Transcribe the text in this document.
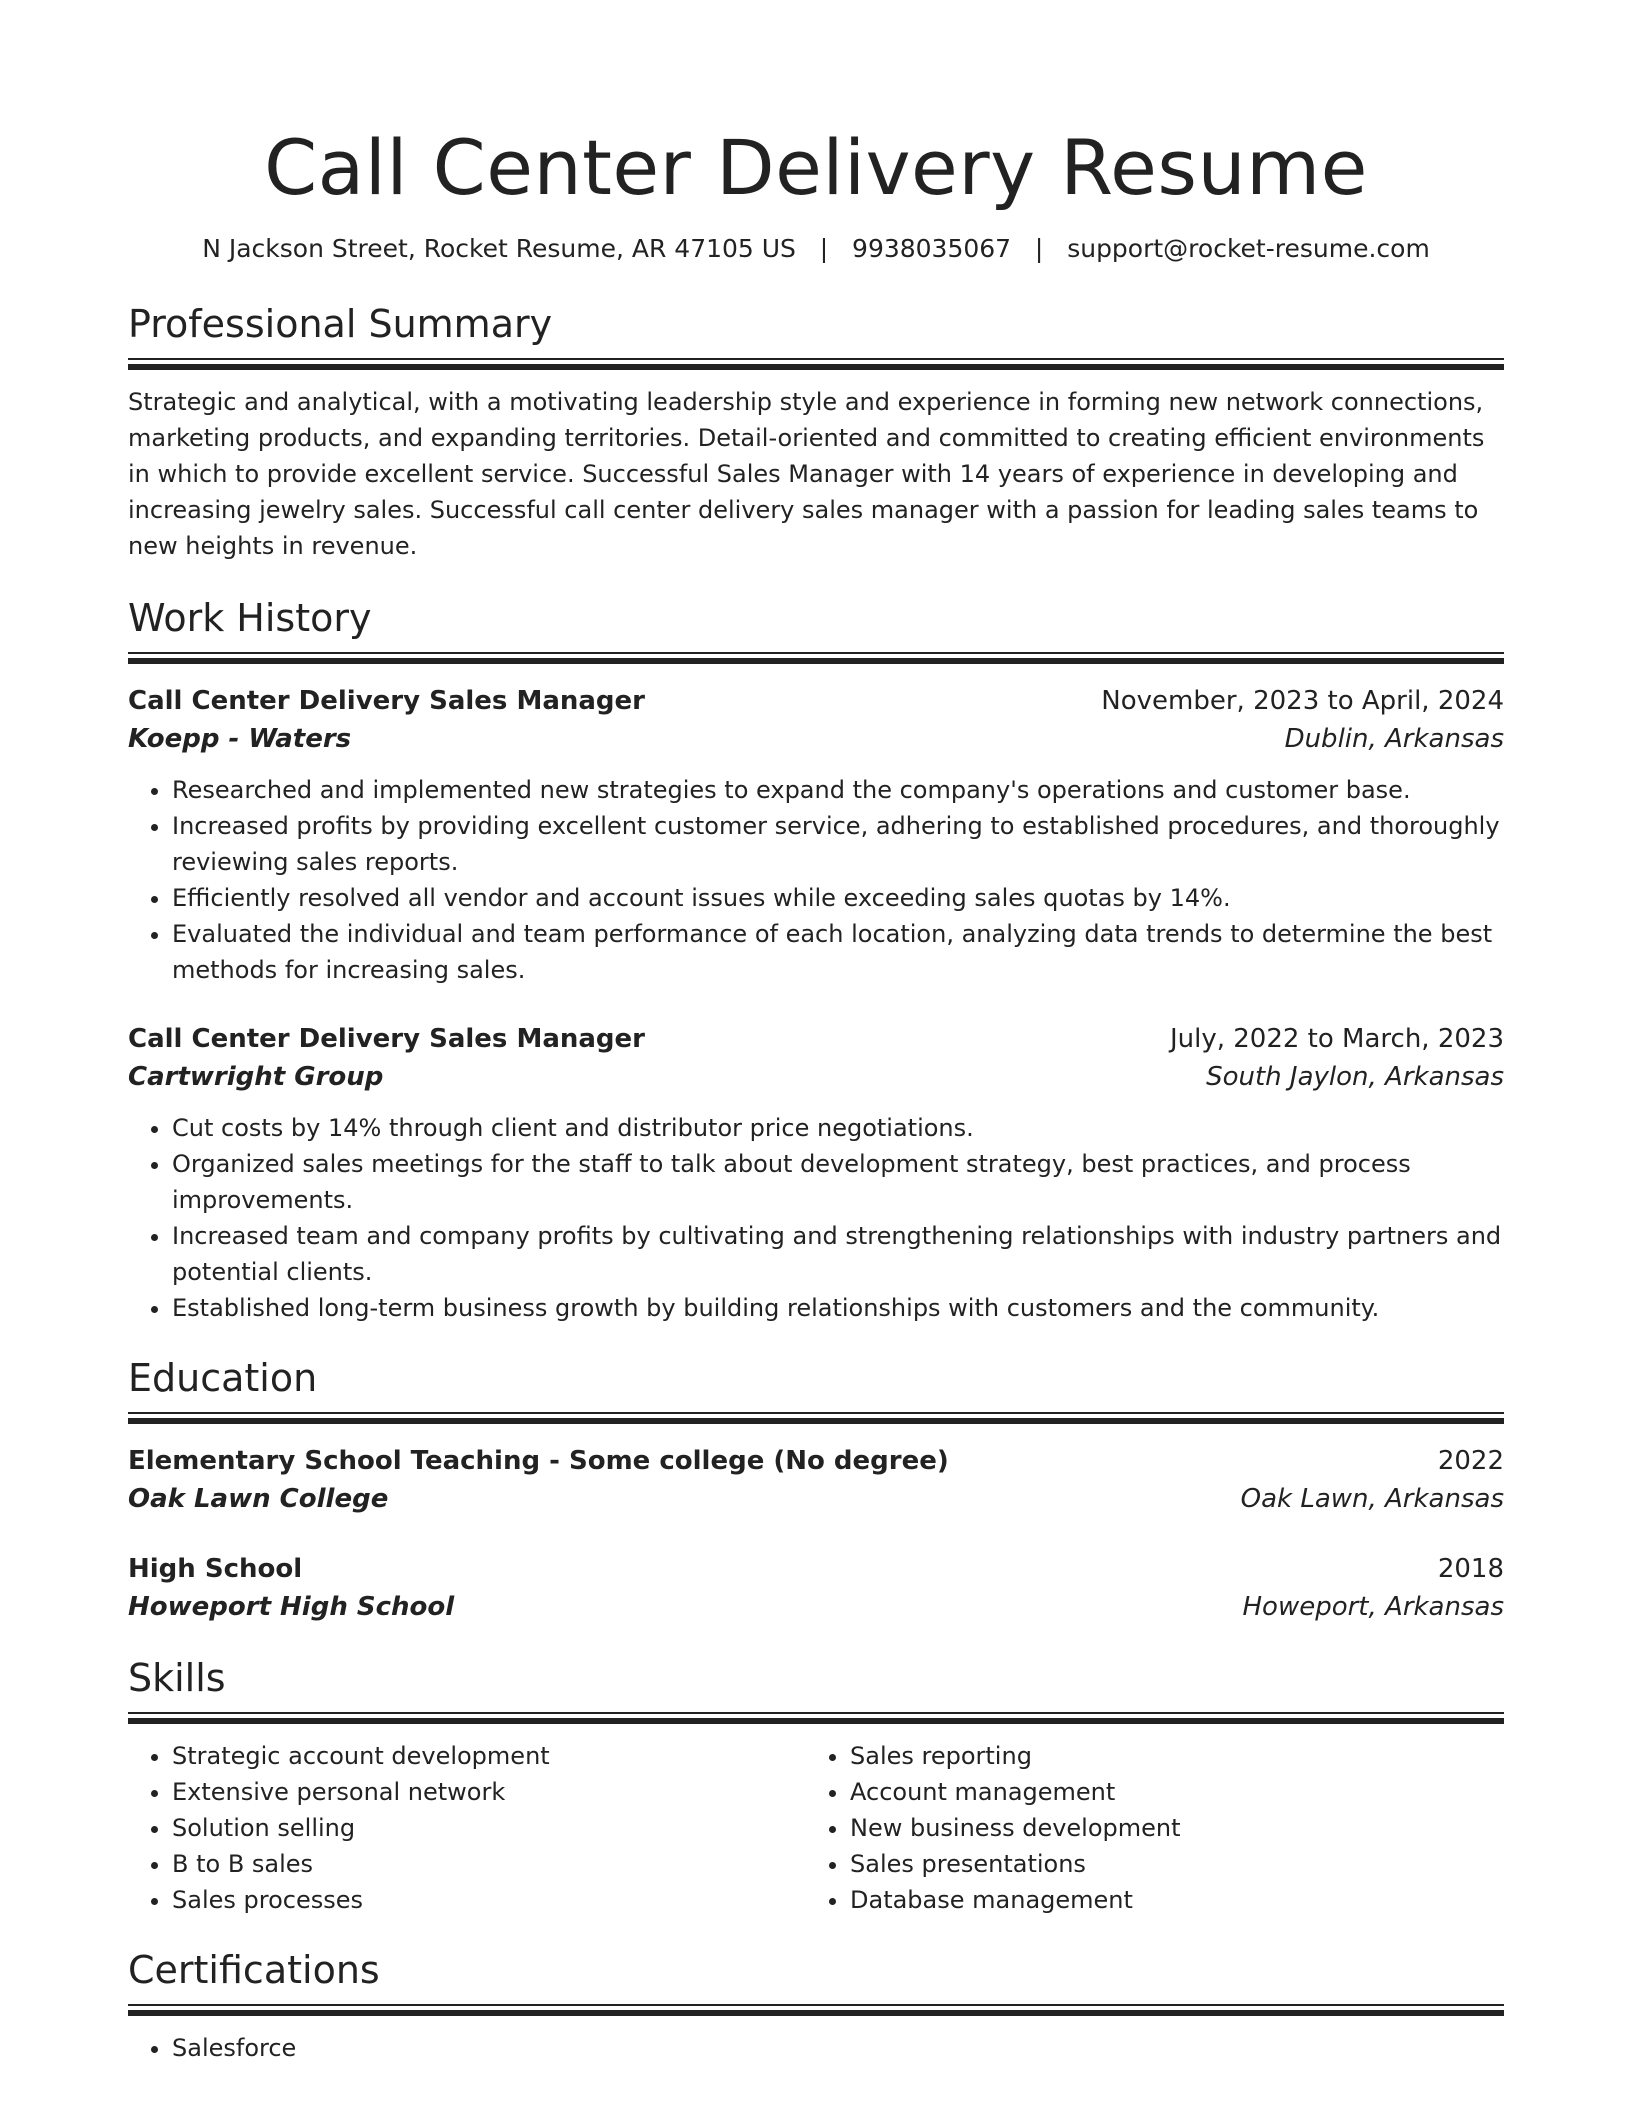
Call Center Delivery Resume
N Jackson Street, Rocket Resume, AR 47105 US   |   9938035067   |   support@rocket-resume.com
Professional Summary
Strategic and analytical, with a motivating leadership style and experience in forming new network connections, marketing products, and expanding territories. Detail-oriented and committed to creating efficient environments in which to provide excellent service. Successful Sales Manager with 14 years of experience in developing and increasing jewelry sales. Successful call center delivery sales manager with a passion for leading sales teams to new heights in revenue.
Work History
Call Center Delivery Sales Manager	November, 2023 to April, 2024
Koepp - Waters	Dublin, Arkansas
• Researched and implemented new strategies to expand the company's operations and customer base.
• Increased profits by providing excellent customer service, adhering to established procedures, and thoroughly reviewing sales reports.
• Efficiently resolved all vendor and account issues while exceeding sales quotas by 14%.
• Evaluated the individual and team performance of each location, analyzing data trends to determine the best methods for increasing sales.
Call Center Delivery Sales Manager	July, 2022 to March, 2023
Cartwright Group	South Jaylon, Arkansas
• Cut costs by 14% through client and distributor price negotiations.
• Organized sales meetings for the staff to talk about development strategy, best practices, and process improvements.
• Increased team and company profits by cultivating and strengthening relationships with industry partners and potential clients.
• Established long-term business growth by building relationships with customers and the community.
Education
Elementary School Teaching - Some college (No degree)	2022
Oak Lawn College	Oak Lawn, Arkansas
High School	2018
Howeport High School	Howeport, Arkansas
Skills
• Strategic account development
• Extensive personal network
• Solution selling
• B to B sales
• Sales processes
• Sales reporting
• Account management
• New business development
• Sales presentations
• Database management
Certifications
• Salesforce
